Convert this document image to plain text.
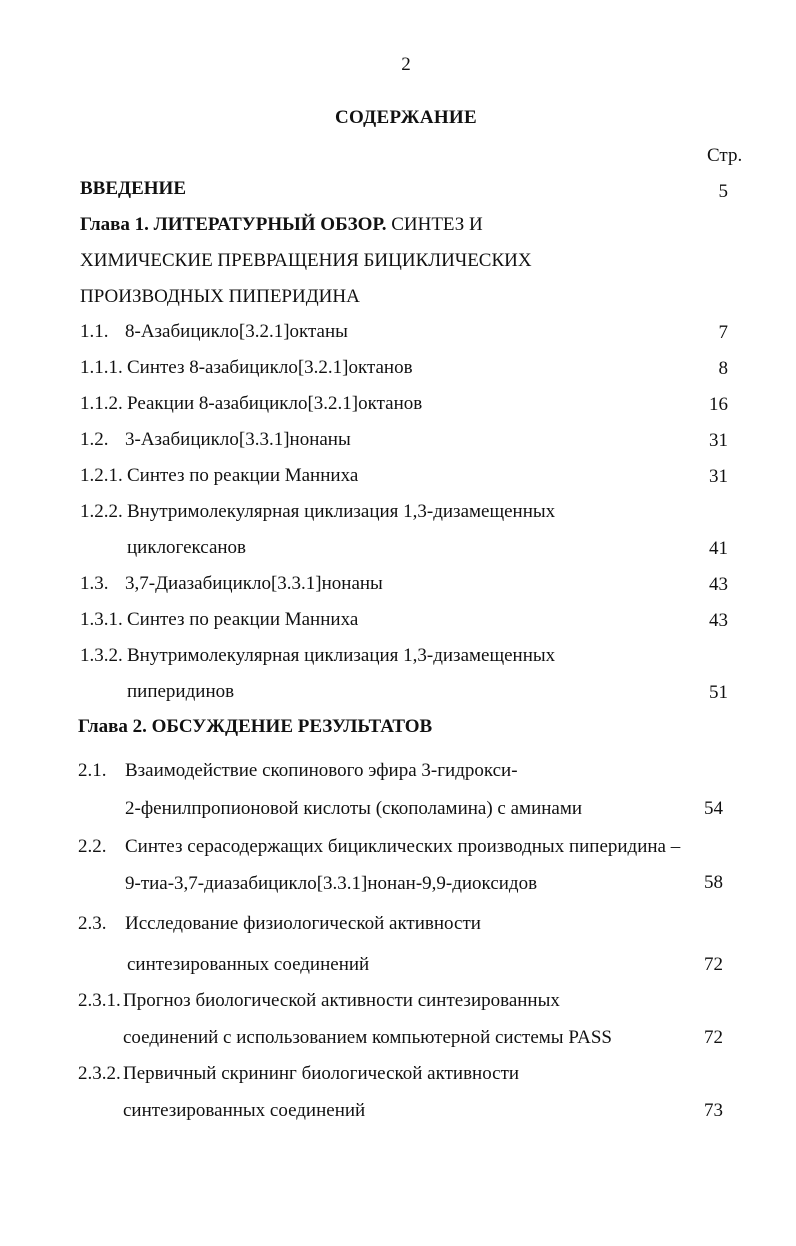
2
СОДЕРЖАНИЕ
Стр.
ВВЕДЕНИЕ	5
Глава 1. ЛИТЕРАТУРНЫЙ ОБЗОР. СИНТЕЗ И
ХИМИЧЕСКИЕ ПРЕВРАЩЕНИЯ БИЦИКЛИЧЕСКИХ
ПРОИЗВОДНЫХ ПИПЕРИДИНА
1.1. 8-Азабицикло[3.2.1]октаны	7
1.1.1. Синтез 8-азабицикло[3.2.1]октанов	8
1.1.2. Реакции 8-азабицикло[3.2.1]октанов	16
1.2. 3-Азабицикло[3.3.1]нонаны	31
1.2.1. Синтез по реакции Манниха	31
1.2.2. Внутримолекулярная циклизация 1,3-дизамещенных
циклогексанов	41
1.3. 3,7-Диазабицикло[3.3.1]нонаны	43
1.3.1. Синтез по реакции Манниха	43
1.3.2. Внутримолекулярная циклизация 1,3-дизамещенных
пиперидинов	51
Глава 2. ОБСУЖДЕНИЕ РЕЗУЛЬТАТОВ
2.1. Взаимодействие скопинового эфира 3-гидрокси-
2-фенилпропионовой кислоты (скополамина) с аминами	54
2.2. Синтез серасодержащих бициклических производных пиперидина –
9-тиа-3,7-диазабицикло[3.3.1]нонан-9,9-диоксидов	58
2.3. Исследование физиологической активности
синтезированных соединений	72
2.3.1. Прогноз биологической активности синтезированных
соединений с использованием компьютерной системы PASS	72
2.3.2. Первичный скрининг биологической активности
синтезированных соединений	73
